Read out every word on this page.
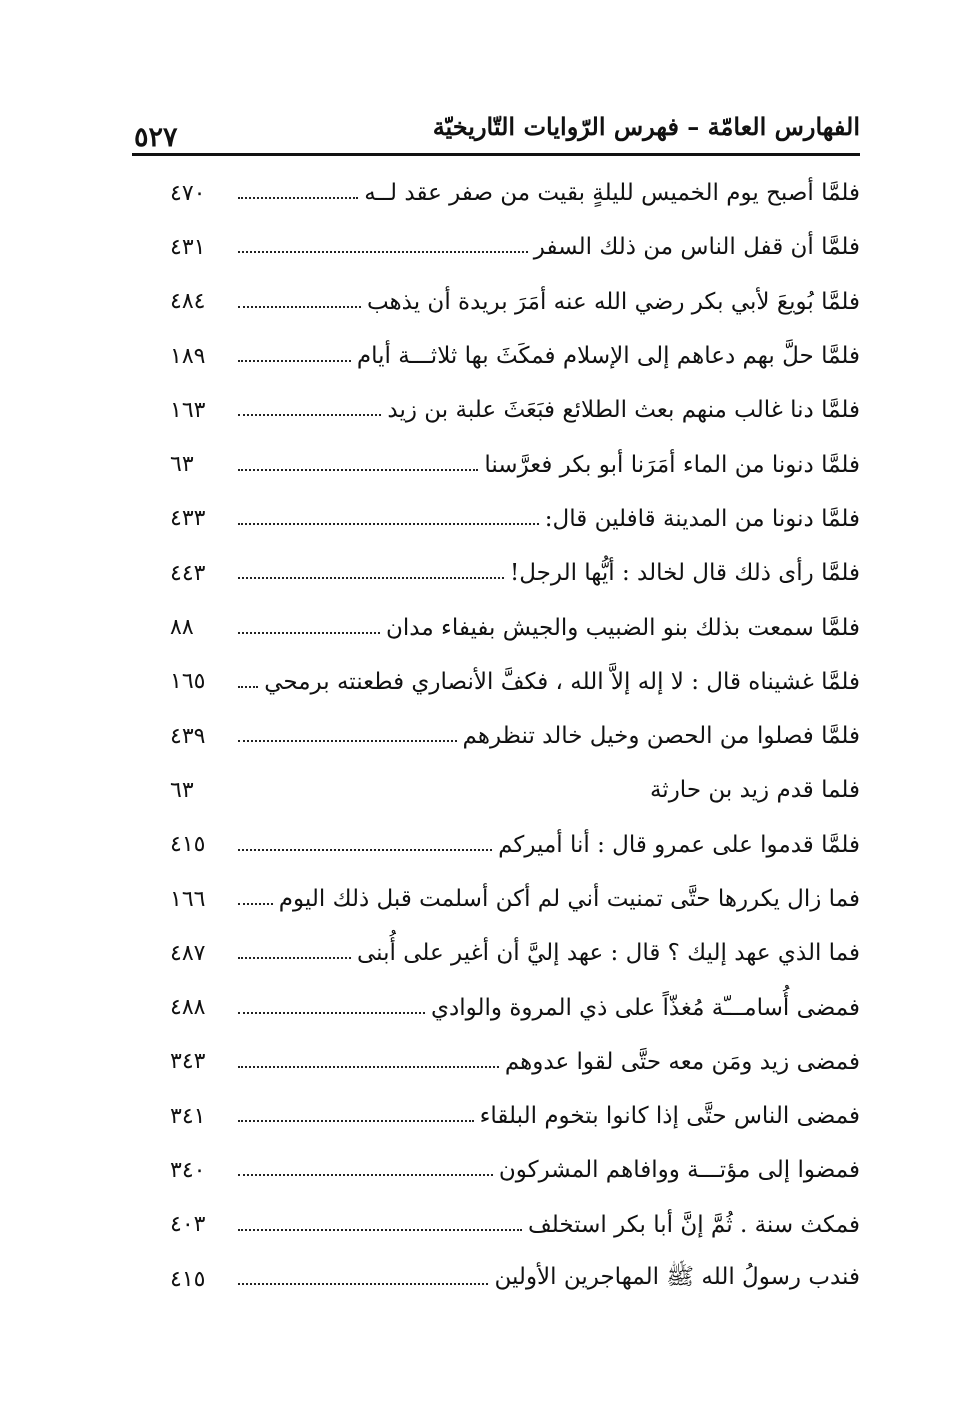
٥٢٧	الفهارس العامّة – فهرس الرّوايات التّاريخيّة
٤٧٠	فلمَّا أصبح يوم الخميس لليلةٍ بقيت من صفر عقد لــه
٤٣١	فلمَّا أن قفل الناس من ذلك السفر
٤٨٤	فلمَّا بُويعَ لأبي بكر رضي الله عنه أمَرَ بريدة أن يذهب
١٨٩	فلمَّا حلَّ بهم دعاهم إلى الإسلام فمكَثَ بها ثلاثـــة أيام
١٦٣	فلمَّا دنا غالب منهم بعث الطلائع فبَعَثَ علبة بن زيد
٦٣	فلمَّا دنونا من الماء أمَرَنا أبو بكر فعرَّسنا
٤٣٣	فلمَّا دنونا من المدينة قافلين قال:
٤٤٣	فلمَّا رأى ذلك قال لخالد : أيُّها الرجل!
٨٨	فلمَّا سمعت بذلك بنو الضبيب والجيش بفيفاء مدان
١٦٥	فلمَّا غشيناه قال : لا إله إلاَّ الله ، فكفَّ الأنصاري فطعنته برمحي
٤٣٩	فلمَّا فصلوا من الحصن وخيل خالد تنظرهم
٦٣	فلما قدم زيد بن حارثة
٤١٥	فلمَّا قدموا على عمرو قال : أنا أميركم
١٦٦	فما زال يكررها حتَّى تمنيت أني لم أكن أسلمت قبل ذلك اليوم
٤٨٧	فما الذي عهد إليك ؟ قال : عهد إليَّ أن أغير على أُبنى
٤٨٨	فمضى أُسامـــّة مُغذّاً على ذي المروة والوادي
٣٤٣	فمضى زيد ومَن معه حتَّى لقوا عدوهم
٣٤١	فمضى الناس حتَّى إذا كانوا بتخوم البلقاء
٣٤٠	فمضوا إلى مؤتـــة ووافاهم المشركون
٤٠٣	فمكث سنة . ثُمَّ إنَّ أبا بكر استخلف
٤١٥	فندب رسولُ الله ﷺ المهاجرين الأولين
